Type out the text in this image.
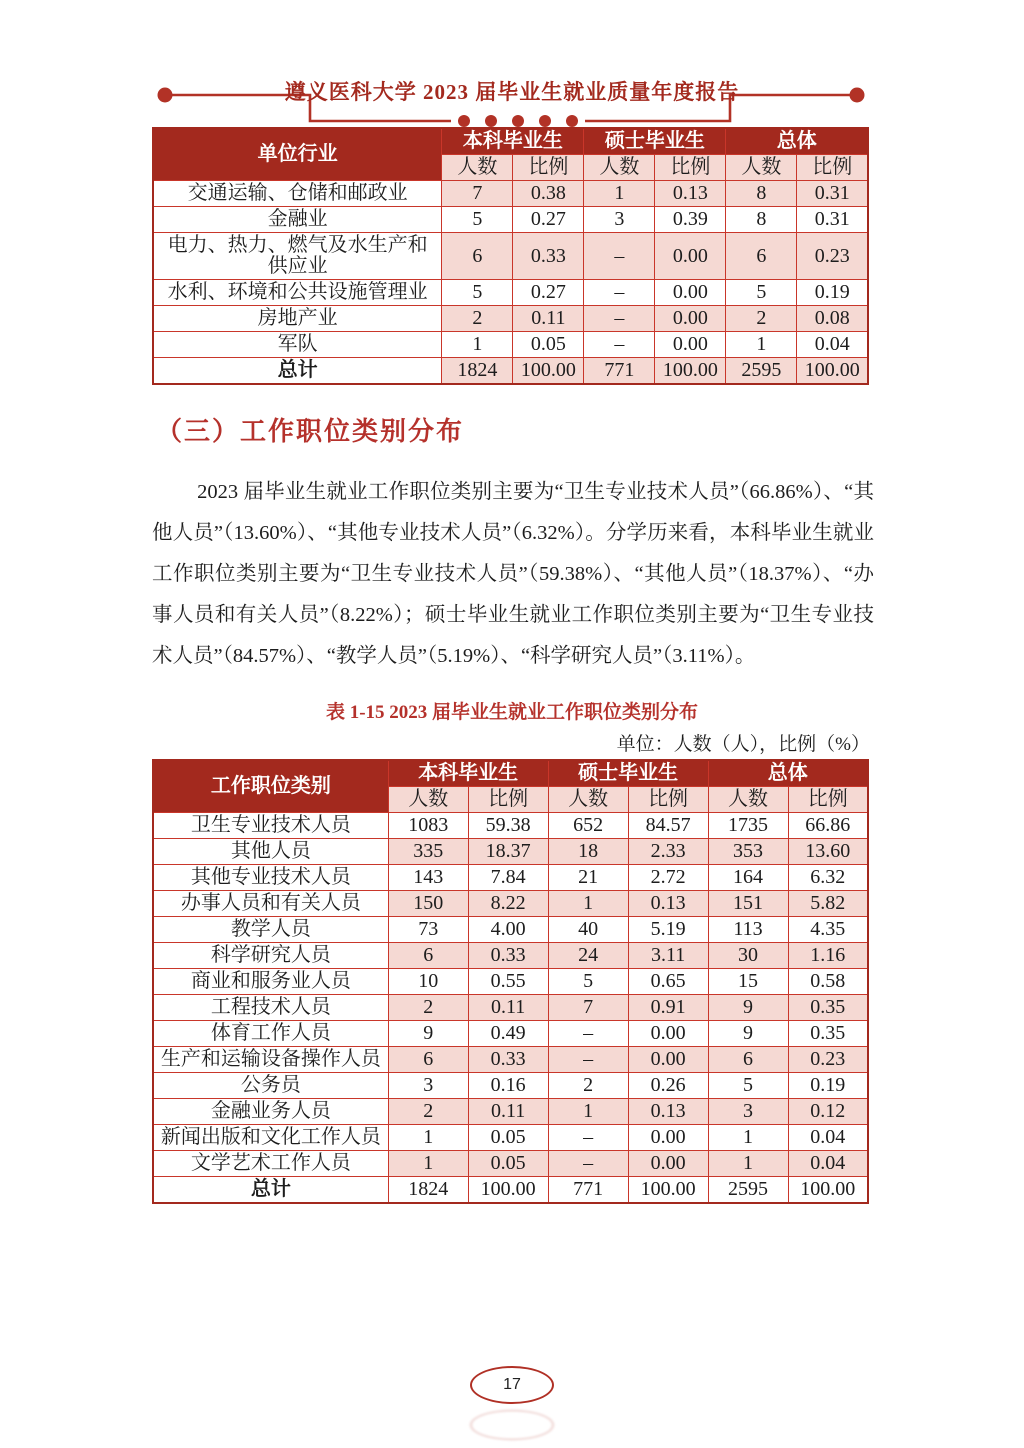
遵义医科大学 2023 届毕业生就业质量年度报告
单位行业	本科毕业生		硕士毕业生		总体	
	人数	比例	人数	比例	人数	比例
交通运输、仓储和邮政业	7	0.38	1	0.13	8	0.31
金融业	5	0.27	3	0.39	8	0.31
电力、热力、燃气及水生产和供应业	6	0.33	–	0.00	6	0.23
水利、环境和公共设施管理业	5	0.27	–	0.00	5	0.19
房地产业	2	0.11	–	0.00	2	0.08
军队	1	0.05	–	0.00	1	0.04
总计	1824	100.00	771	100.00	2595	100.00
（三）工作职位类别分布

2023 届毕业生就业工作职位类别主要为“卫生专业技术人员”（66.86%）、“其他人员”（13.60%）、“其他专业技术人员”（6.32%）。分学历来看，本科毕业生就业工作职位类别主要为“卫生专业技术人员”（59.38%）、“其他人员”（18.37%）、“办事人员和有关人员”（8.22%）；硕士毕业生就业工作职位类别主要为“卫生专业技术人员”（84.57%）、“教学人员”（5.19%）、“科学研究人员”（3.11%）。

表 1-15 2023 届毕业生就业工作职位类别分布
单位：人数（人），比例（%）
工作职位类别	本科毕业生		硕士毕业生		总体	
	人数	比例	人数	比例	人数	比例
卫生专业技术人员	1083	59.38	652	84.57	1735	66.86
其他人员	335	18.37	18	2.33	353	13.60
其他专业技术人员	143	7.84	21	2.72	164	6.32
办事人员和有关人员	150	8.22	1	0.13	151	5.82
教学人员	73	4.00	40	5.19	113	4.35
科学研究人员	6	0.33	24	3.11	30	1.16
商业和服务业人员	10	0.55	5	0.65	15	0.58
工程技术人员	2	0.11	7	0.91	9	0.35
体育工作人员	9	0.49	–	0.00	9	0.35
生产和运输设备操作人员	6	0.33	–	0.00	6	0.23
公务员	3	0.16	2	0.26	5	0.19
金融业务人员	2	0.11	1	0.13	3	0.12
新闻出版和文化工作人员	1	0.05	–	0.00	1	0.04
文学艺术工作人员	1	0.05	–	0.00	1	0.04
总计	1824	100.00	771	100.00	2595	100.00
17
